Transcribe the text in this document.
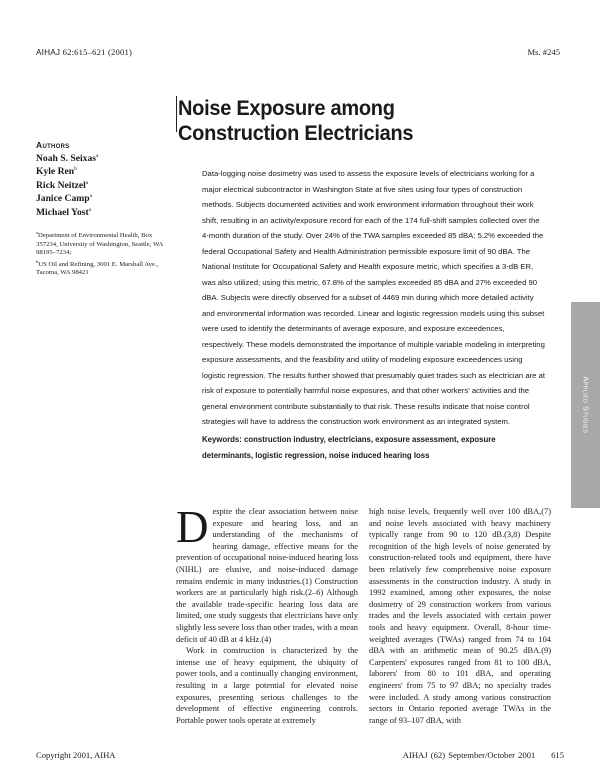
AIHAJ 62:615–621 (2001)	Ms. #245
Noise Exposure among Construction Electricians
Authors
Noah S. Seixas$^a$
Kyle Ren$^b$
Rick Neitzel$^a$
Janice Camp$^a$
Michael Yost$^a$
$^a$Department of Environmental Health, Box 357234, University of Washington, Seattle, WA 98195–7234;
$^b$US Oil and Refining, 3001 E. Marshall Ave., Tacoma, WA 98421

Data-logging noise dosimetry was used to assess the exposure levels of electricians working for a major electrical subcontractor in Washington State at five sites using four types of construction methods. Subjects documented activities and work environment information throughout their work shift, resulting in an activity/exposure record for each of the 174 full-shift samples collected over the 4-month duration of the study. Over 24% of the TWA samples exceeded 85 dBA; 5.2% exceeded the federal Occupational Safety and Health Administration permissible exposure limit of 90 dBA. The National Institute for Occupational Safety and Health exposure metric, which specifies a 3-dB ER, was also utilized; using this metric, 67.8% of the samples exceeded 85 dBA and 27% exceeded 90 dBA. Subjects were directly observed for a subset of 4469 min during which more detailed activity and environmental information was recorded. Linear and logistic regression models using this subset were used to identify the determinants of average exposure, and exposure exceedences, respectively. These models demonstrated the importance of multiple variable modeling in interpreting exposure assessments, and the feasibility and utility of modeling exposure exceedences using logistic regression. The results further showed that presumably quiet trades such as electrician are at risk of exposure to potentially harmful noise exposures, and that other workers' activities and the general environment contribute substantially to that risk. These results indicate that noise control strategies will have to address the construction work environment as an integrated system.

Keywords: construction industry, electricians, exposure assessment, exposure determinants, logistic regression, noise induced hearing loss

Applied Studies

Despite the clear association between noise exposure and hearing loss, and an understanding of the mechanisms of hearing damage, effective means for the prevention of occupational noise-induced hearing loss (NIHL) are elusive, and noise-induced damage remains endemic in many industries.(1) Construction workers are at particularly high risk.(2–6) Although the available trade-specific hearing loss data are limited, one study suggests that electricians have only slightly less severe loss than other trades, with a mean deficit of 40 dB at 4 kHz.(4)

Work in construction is characterized by the intense use of heavy equipment, the ubiquity of power tools, and a continually changing environment, resulting in a large potential for elevated noise exposures, presenting serious challenges to the development of effective engineering controls. Portable power tools operate at extremely

high noise levels, frequently well over 100 dBA,(7) and noise levels associated with heavy machinery typically range from 90 to 120 dB.(3,8) Despite recognition of the high levels of noise generated by construction-related tools and equipment, there have been relatively few comprehensive noise exposure assessments in the construction industry. A study in 1992 examined, among other exposures, the noise dosimetry of 29 construction workers from various trades and the levels associated with certain power tools and heavy equipment. Overall, 8-hour time-weighted averages (TWAs) ranged from 74 to 104 dBA with an arithmetic mean of 90.25 dBA.(9) Carpenters' exposures ranged from 81 to 100 dBA, laborers' from 80 to 101 dBA, and operating engineers' from 75 to 97 dBA; no specialty trades were included. A study among various construction sectors in Ontario reported average TWAs in the range of 93–107 dBA, with

Copyright 2001, AIHA	AIHAJ (62) September/October 2001 615
